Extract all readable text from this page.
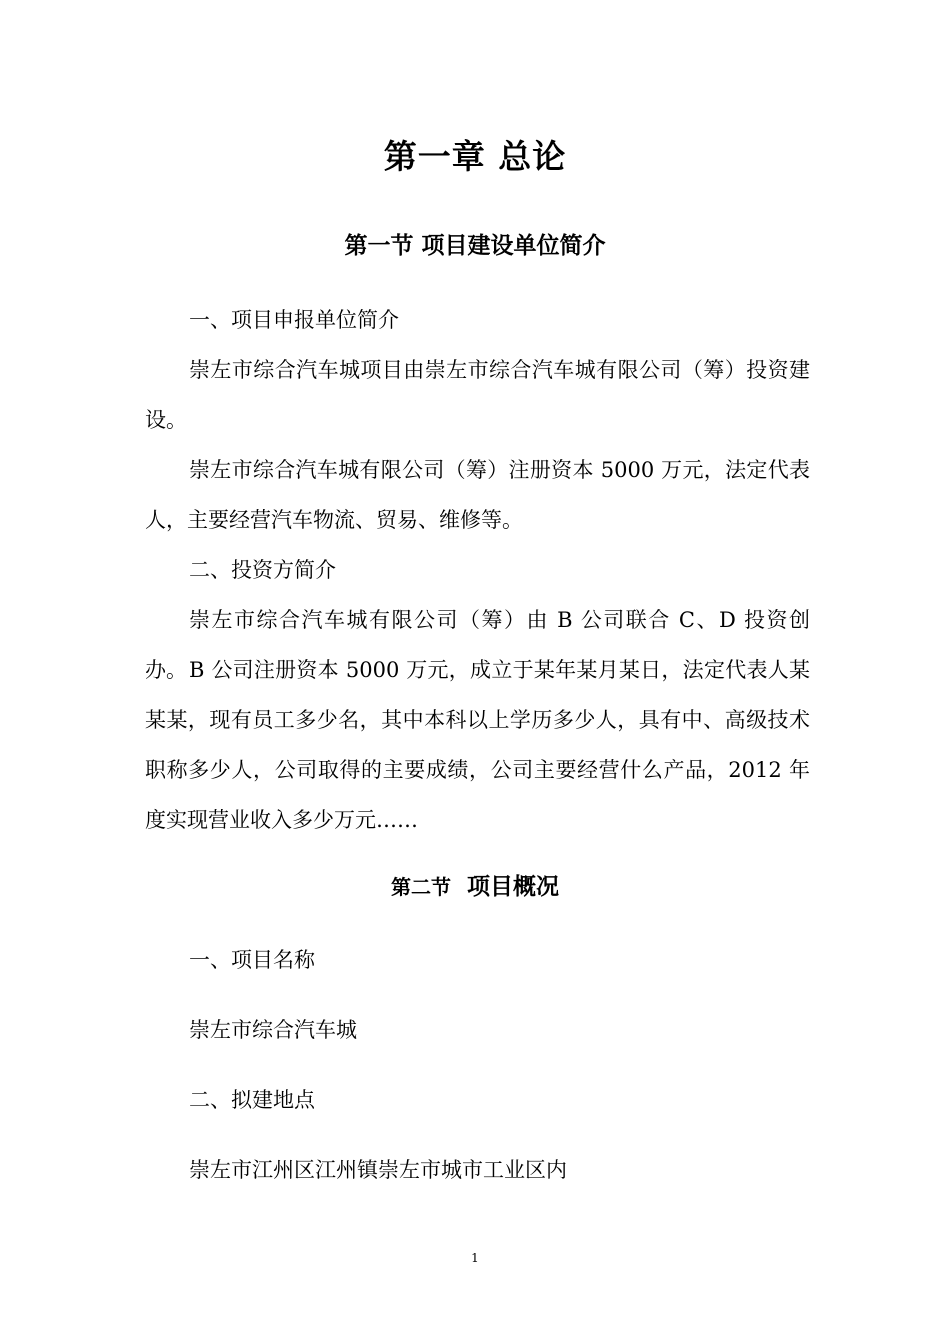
第一章 总论
第一节 项目建设单位简介
一、项目申报单位简介
崇左市综合汽车城项目由崇左市综合汽车城有限公司（筹）投资建设。
崇左市综合汽车城有限公司（筹）注册资本 5000 万元，法定代表人，主要经营汽车物流、贸易、维修等。
二、投资方简介
崇左市综合汽车城有限公司（筹）由 B 公司联合 C、D 投资创办。 B 公司注册资本 5000 万元，成立于某年某月某日，法定代表人某某某，现有员工多少名，其中本科以上学历多少人，具有中、高级技术职称多少人，公司取得的主要成绩，公司主要经营什么产品，2012 年度实现营业收入多少万元……
第二节 项目概况
一、项目名称
崇左市综合汽车城
二、拟建地点
崇左市江州区江州镇崇左市城市工业区内
1
